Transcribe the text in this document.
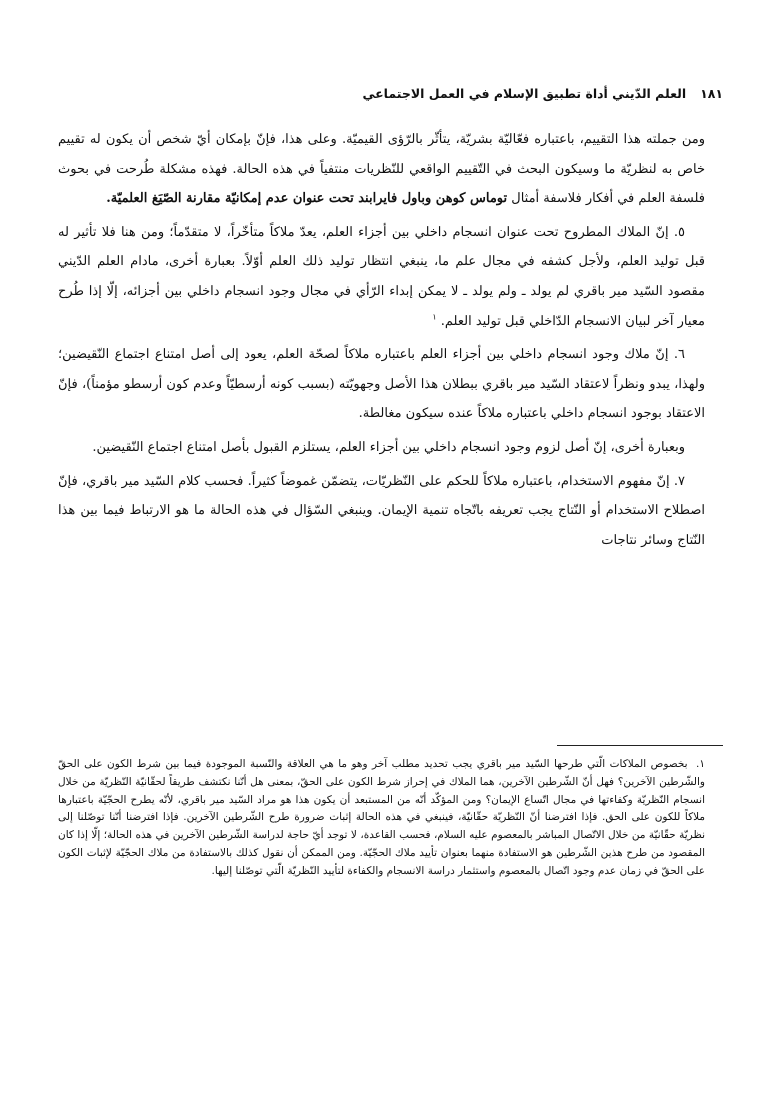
١٨١
العلم الدّيني أداة تطبيق الإسلام في العمل الاجتماعي

ومن جملته هذا التقييم، باعتباره فعّاليّة بشريّة، يتأثّر بالرّؤى القيميّة. وعلى هذا، فإنّ بإمكان أيّ شخص أن يكون له تقييم خاص به لنظريّة ما وسيكون البحث في التّقييم الواقعي للنّظريات منتفياً في هذه الحالة. فهذه مشكلة طُرحت في بحوث فلسفة العلم في أفكار فلاسفة أمثال توماس كوهن وباول فايرابند تحت عنوان عدم إمكانيّة مقارنة الصّيَغ العلميّة.

٥. إنّ الملاك المطروح تحت عنوان انسجام داخلي بين أجزاء العلم، يعدّ ملاكاً متأخّراً، لا متقدّماً؛ ومن هنا فلا تأثير له قبل توليد العلم، ولأجل كشفه في مجال علم ما، ينبغي انتظار توليد ذلك العلم أوّلاً. بعبارة أخرى، مادام العلم الدّيني مقصود السّيد مير باقري لم يولد ـ ولم يولد ـ لا يمكن إبداء الرّأي في مجال وجود انسجام داخلي بين أجزائه، إلّا إذا طُرح معيار آخر لبيان الانسجام الدّاخلي قبل توليد العلم. $^١$

٦. إنّ ملاك وجود انسجام داخلي بين أجزاء العلم باعتباره ملاكاً لصحّة العلم، يعود إلى أصل امتناع اجتماع النّقيضين؛ ولهذا، يبدو ونظراً لاعتقاد السّيد مير باقري ببطلان هذا الأصل وجهويّته (بسبب كونه أرسطيّاً وعدم كون أرسطو مؤمناً)، فإنّ الاعتقاد بوجود انسجام داخلي باعتباره ملاكاً عنده سيكون مغالطة.

وبعبارة أخرى، إنّ أصل لزوم وجود انسجام داخلي بين أجزاء العلم، يستلزم القبول بأصل امتناع اجتماع النّقيضين.

٧. إنّ مفهوم الاستخدام، باعتباره ملاكاً للحكم على النّظريّات، يتضمّن غموضاً كثيراً. فحسب كلام السّيد مير باقري، فإنّ اصطلاح الاستخدام أو النّتاج يجب تعريفه باتّجاه تنمية الإيمان. وينبغي السّؤال في هذه الحالة ما هو الارتباط فيما بين هذا النّتاج وسائر نتاجات

١. بخصوص الملاكات الّتي طرحها السّيد مير باقري يجب تحديد مطلب آخر وهو ما هي العلاقة والنّسبة الموجودة فيما بين شرط الكون على الحقّ والشّرطين الآخرين؟ فهل أنّ الشّرطين الآخرين، هما الملاك في إحراز شرط الكون على الحقّ، بمعنى هل أنّنا نكتشف طريقاً لحقّانيّة النّظريّة من خلال انسجام النّظريّة وكفاءتها في مجال اتّساع الإيمان؟ ومن المؤكّد أنّه من المستبعد أن يكون هذا هو مراد السّيد مير باقري، لأنّه يطرح الحجّيّة باعتبارها ملاكاً للكون على الحق. فإذا افترضنا أنّ النّظريّة حقّانيّة، فينبغي في هذه الحالة إثبات ضرورة طرح الشّرطين الآخرين. فإذا افترضنا أنّنا توصّلنا إلى نظريّة حقّانيّة من خلال الاتّصال المباشر بالمعصوم عليه السلام، فحسب القاعدة، لا توجد أيّ حاجة لدراسة الشّرطين الآخرين في هذه الحالة؛ إلّا إذا كان المقصود من طرح هذين الشّرطين هو الاستفادة منهما بعنوان تأييد ملاك الحجّيّة. ومن الممكن أن نقول كذلك بالاستفادة من ملاك الحجّيّة لإثبات الكون على الحقّ في زمان عدم وجود اتّصال بالمعصوم واستثمار دراسة الانسجام والكفاءة لتأييد النّظريّة الّتي توصّلنا إليها.
